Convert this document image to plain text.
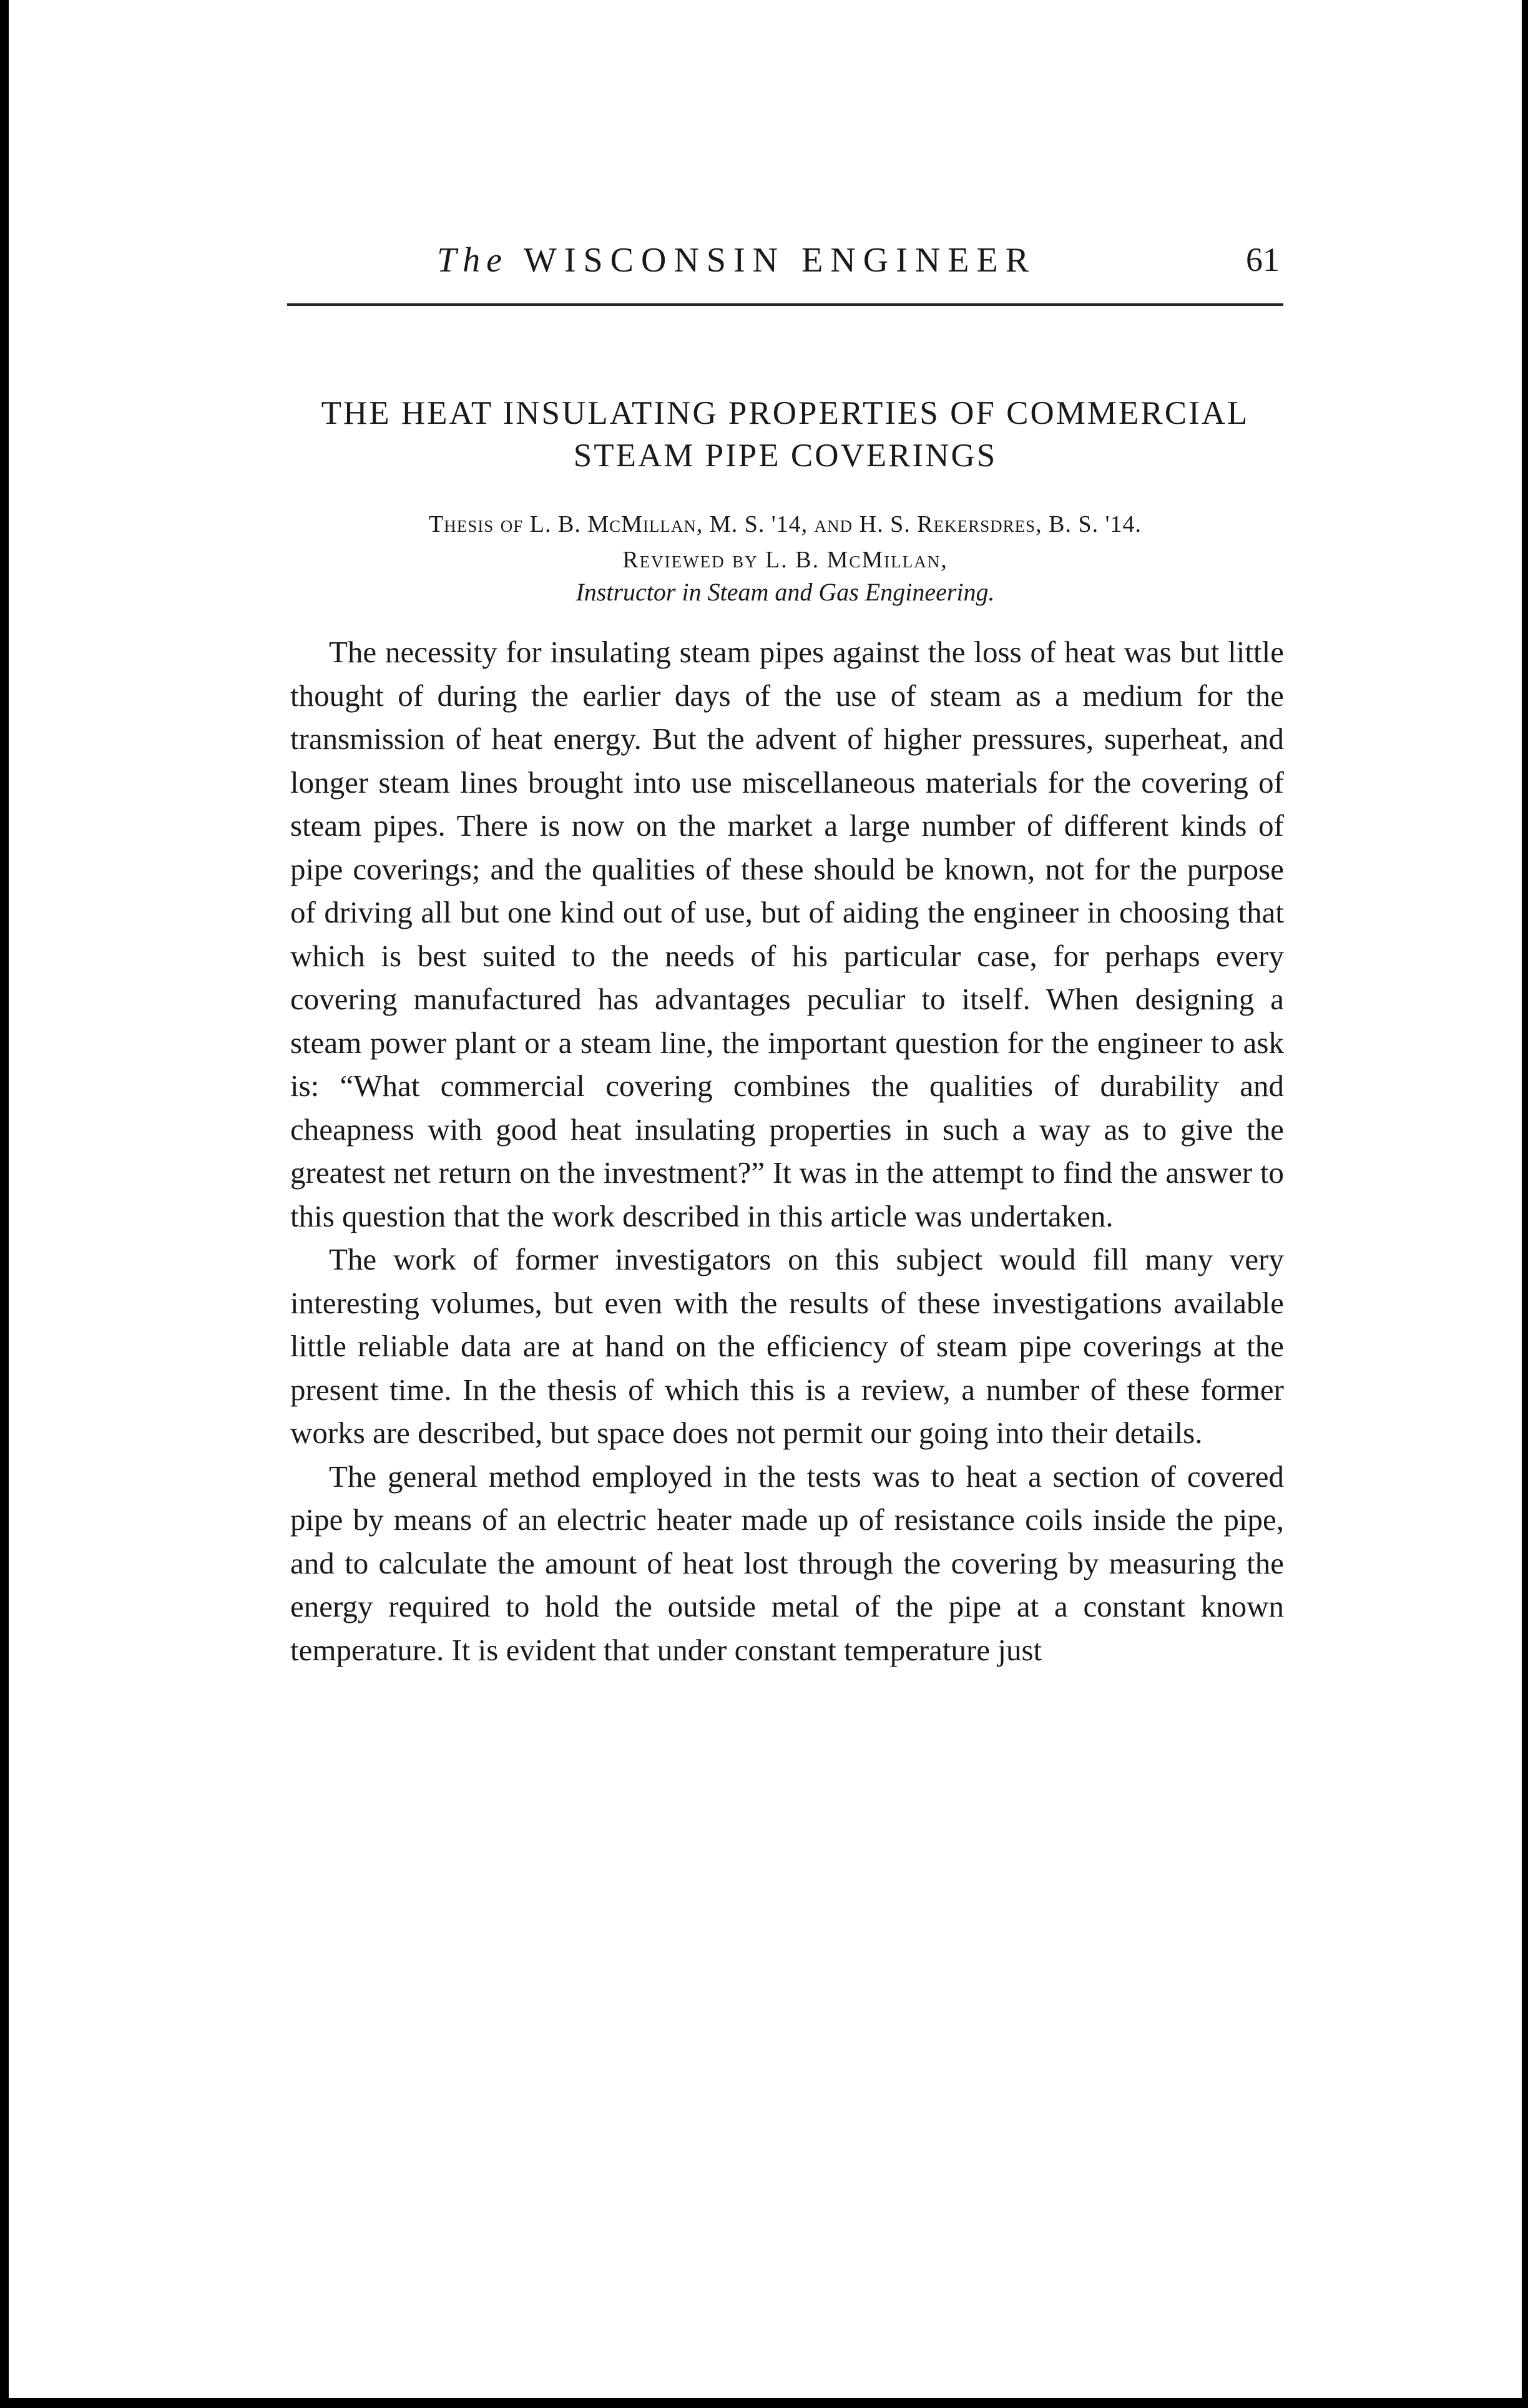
The WISCONSIN ENGINEER	61
THE HEAT INSULATING PROPERTIES OF COMMERCIAL STEAM PIPE COVERINGS
Thesis of L. B. McMillan, M. S. '14, and H. S. Rekersdres, B. S. '14.
Reviewed by L. B. McMillan,
Instructor in Steam and Gas Engineering.

The necessity for insulating steam pipes against the loss of heat was but little thought of during the earlier days of the use of steam as a medium for the transmission of heat energy. But the advent of higher pressures, superheat, and longer steam lines brought into use miscellaneous materials for the covering of steam pipes. There is now on the market a large number of different kinds of pipe coverings; and the qualities of these should be known, not for the purpose of driving all but one kind out of use, but of aiding the engineer in choosing that which is best suited to the needs of his particular case, for perhaps every covering manufactured has advantages peculiar to itself. When designing a steam power plant or a steam line, the important question for the engineer to ask is: “What commercial covering combines the qualities of durability and cheapness with good heat insulating properties in such a way as to give the greatest net return on the investment?” It was in the attempt to find the answer to this question that the work described in this article was undertaken.

The work of former investigators on this subject would fill many very interesting volumes, but even with the results of these investigations available little reliable data are at hand on the efficiency of steam pipe coverings at the present time. In the thesis of which this is a review, a number of these former works are described, but space does not permit our going into their details.

The general method employed in the tests was to heat a section of covered pipe by means of an electric heater made up of resistance coils inside the pipe, and to calculate the amount of heat lost through the covering by measuring the energy required to hold the outside metal of the pipe at a constant known temperature. It is evident that under constant temperature just
